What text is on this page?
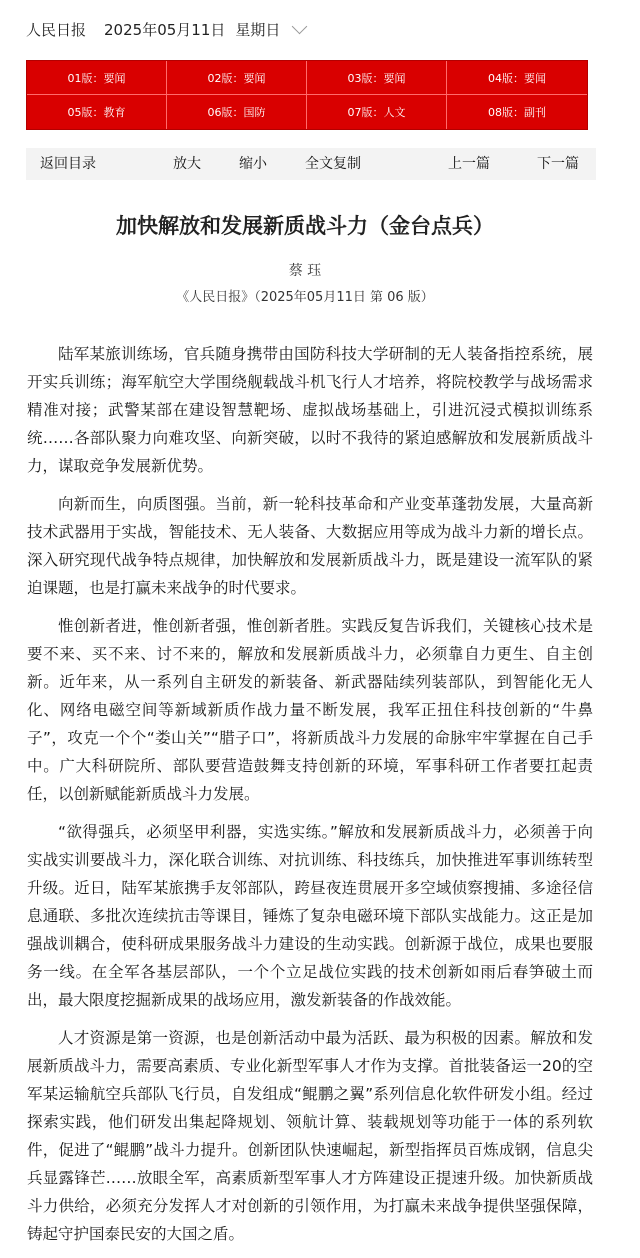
人民日报 2025年05月11日 星期日
01版：要闻	02版：要闻	03版：要闻	04版：要闻
05版：教育	06版：国防	07版：人文	08版：副刊
返回目录	放大	缩小	全文复制	上一篇	下一篇
加快解放和发展新质战斗力（金台点兵）
蔡 珏
《人民日报》（2025年05月11日 第 06 版）

陆军某旅训练场，官兵随身携带由国防科技大学研制的无人装备指控系统，展开实兵训练；海军航空大学围绕舰载战斗机飞行人才培养，将院校教学与战场需求精准对接；武警某部在建设智慧靶场、虚拟战场基础上，引进沉浸式模拟训练系统……各部队聚力向难攻坚、向新突破，以时不我待的紧迫感解放和发展新质战斗力，谋取竞争发展新优势。

向新而生，向质图强。当前，新一轮科技革命和产业变革蓬勃发展，大量高新技术武器用于实战，智能技术、无人装备、大数据应用等成为战斗力新的增长点。深入研究现代战争特点规律，加快解放和发展新质战斗力，既是建设一流军队的紧迫课题，也是打赢未来战争的时代要求。

惟创新者进，惟创新者强，惟创新者胜。实践反复告诉我们，关键核心技术是要不来、买不来、讨不来的，解放和发展新质战斗力，必须靠自力更生、自主创新。近年来，从一系列自主研发的新装备、新武器陆续列装部队，到智能化无人化、网络电磁空间等新域新质作战力量不断发展，我军正扭住科技创新的“牛鼻子”，攻克一个个“娄山关”“腊子口”，将新质战斗力发展的命脉牢牢掌握在自己手中。广大科研院所、部队要营造鼓舞支持创新的环境，军事科研工作者要扛起责任，以创新赋能新质战斗力发展。

“欲得强兵，必须坚甲利器，实选实练。”解放和发展新质战斗力，必须善于向实战实训要战斗力，深化联合训练、对抗训练、科技练兵，加快推进军事训练转型升级。近日，陆军某旅携手友邻部队，跨昼夜连贯展开多空域侦察搜捕、多途径信息通联、多批次连续抗击等课目，锤炼了复杂电磁环境下部队实战能力。这正是加强战训耦合，使科研成果服务战斗力建设的生动实践。创新源于战位，成果也要服务一线。在全军各基层部队，一个个立足战位实践的技术创新如雨后春笋破土而出，最大限度挖掘新成果的战场应用，激发新装备的作战效能。

人才资源是第一资源，也是创新活动中最为活跃、最为积极的因素。解放和发展新质战斗力，需要高素质、专业化新型军事人才作为支撑。首批装备运一20的空军某运输航空兵部队飞行员，自发组成“鲲鹏之翼”系列信息化软件研发小组。经过探索实践，他们研发出集起降规划、领航计算、装载规划等功能于一体的系列软件，促进了“鲲鹏”战斗力提升。创新团队快速崛起，新型指挥员百炼成钢，信息尖兵显露锋芒……放眼全军，高素质新型军事人才方阵建设正提速升级。加快新质战斗力供给，必须充分发挥人才对创新的引领作用，为打赢未来战争提供坚强保障，铸起守护国泰民安的大国之盾。
